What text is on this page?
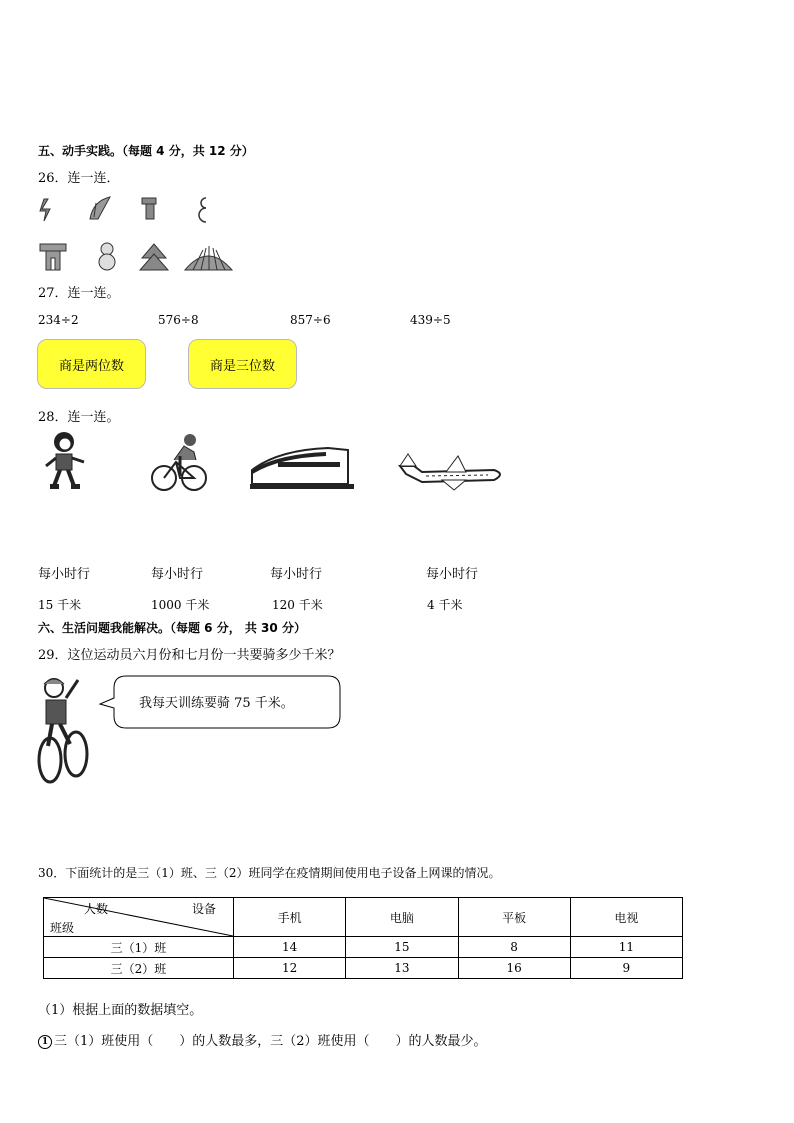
五、动手实践。（每题 4 分，共 12 分）
26．连一连．
27．连一连。
234÷2	576÷8	857÷6	439÷5
商是两位数	商是三位数
28．连一连。
每小时行	每小时行	每小时行	每小时行
15 千米	1000 千米	120 千米	4 千米
六、生活问题我能解决。（每题 6 分， 共 30 分）
29．这位运动员六月份和七月份一共要骑多少千米？
我每天训练要骑 75 千米。
30．下面统计的是三（1）班、三（2）班同学在疫情期间使用电子设备上网课的情况。
人数 设备
班级	手机	电脑	平板	电视
三（1）班	14	15	8	11
三（2）班	12	13	16	9
（1）根据上面的数据填空。
1 三（1）班使用（　　）的人数最多，三（2）班使用（　　）的人数最少。
